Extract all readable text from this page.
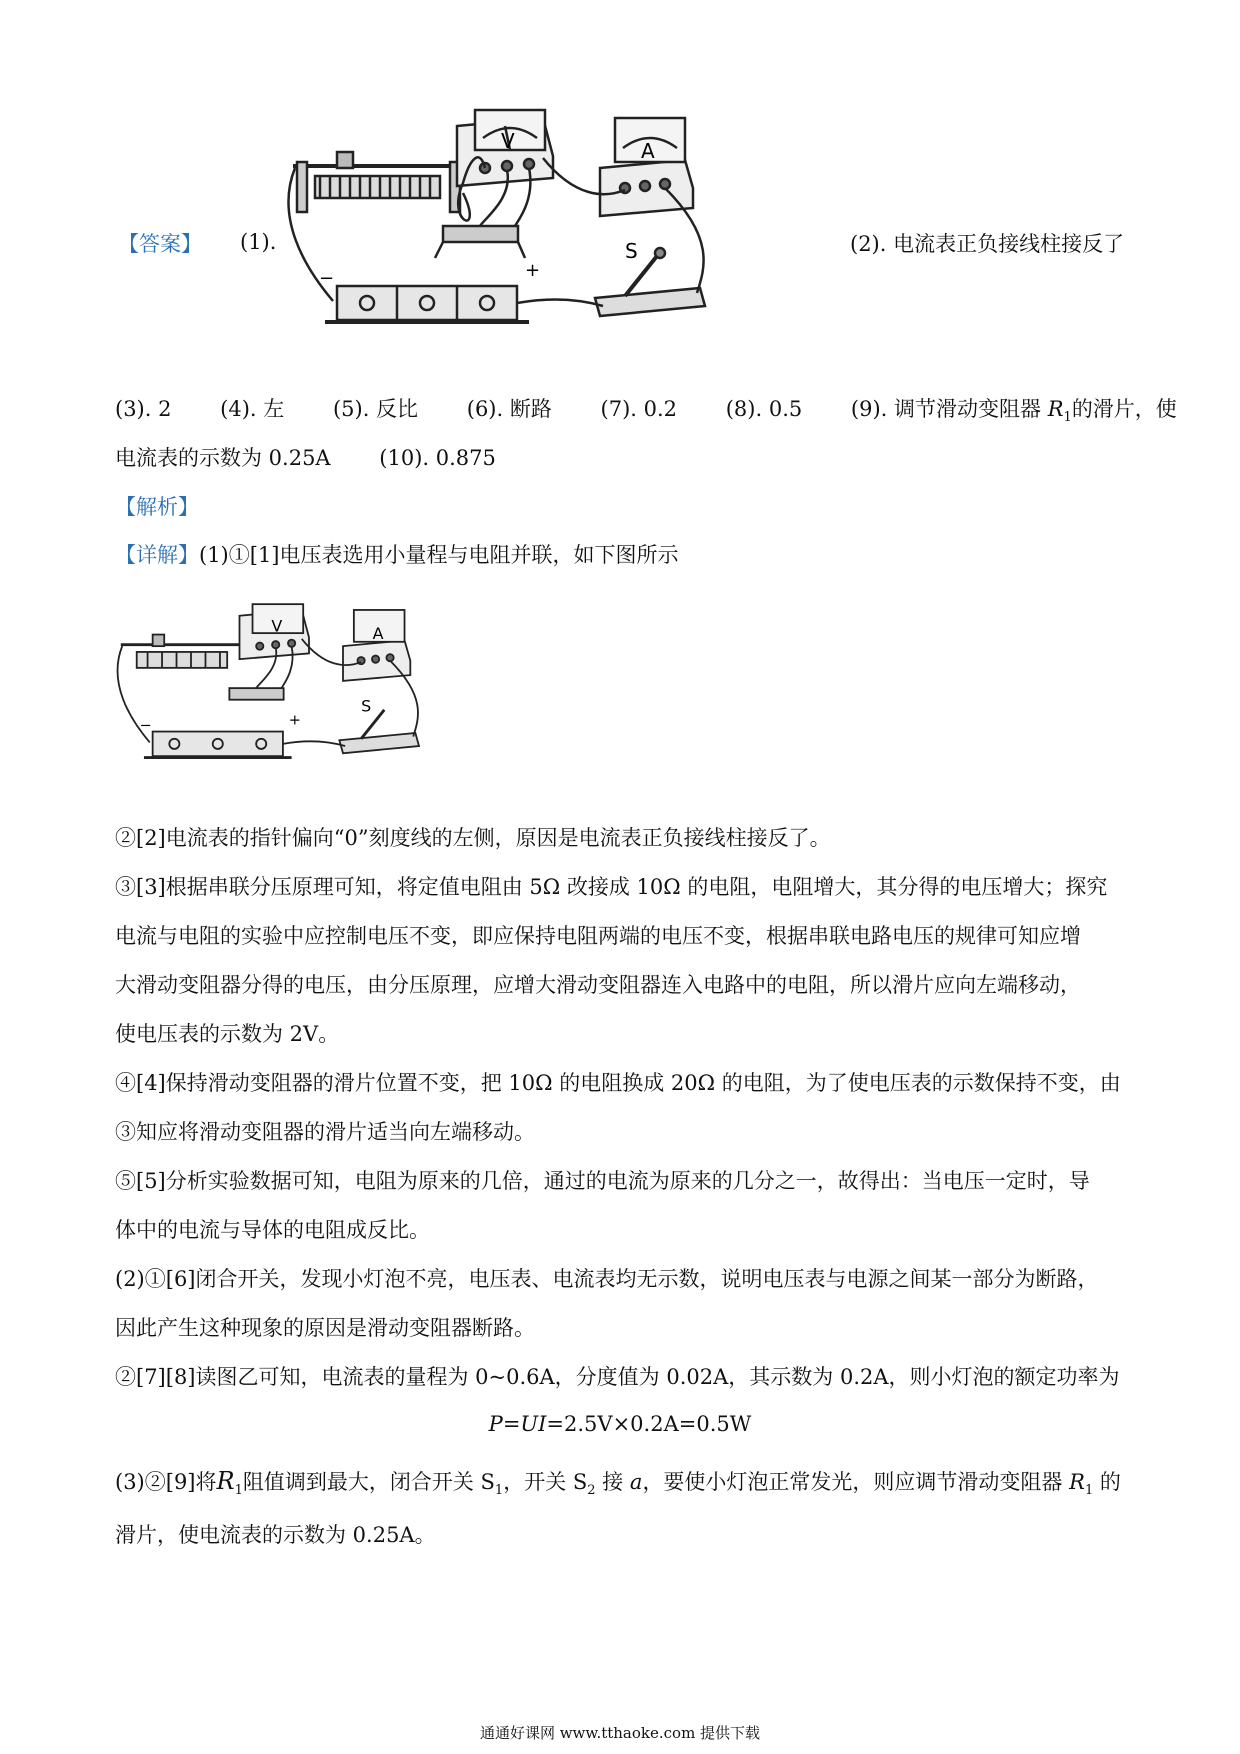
【答案】 (1).
V	A
S
−	+
(2). 电流表正负接线柱接反了
(3). 2 (4). 左 (5). 反比 (6). 断路 (7). 0.2 (8). 0.5 (9). 调节滑动变阻器 $R_1$的滑片，使
电流表的示数为 0.25A (10). 0.875
【解析】
【详解】(1)①[1]电压表选用小量程与电阻并联，如下图所示
V	A
S
−	+
②[2]电流表的指针偏向“0”刻度线的左侧，原因是电流表正负接线柱接反了。
③[3]根据串联分压原理可知，将定值电阻由 5Ω 改接成 10Ω 的电阻，电阻增大，其分得的电压增大；探究
电流与电阻的实验中应控制电压不变，即应保持电阻两端的电压不变，根据串联电路电压的规律可知应增
大滑动变阻器分得的电压，由分压原理，应增大滑动变阻器连入电路中的电阻，所以滑片应向左端移动，
使电压表的示数为 2V。
④[4]保持滑动变阻器的滑片位置不变，把 10Ω 的电阻换成 20Ω 的电阻，为了使电压表的示数保持不变，由
③知应将滑动变阻器的滑片适当向左端移动。
⑤[5]分析实验数据可知，电阻为原来的几倍，通过的电流为原来的几分之一，故得出：当电压一定时，导
体中的电流与导体的电阻成反比。
(2)①[6]闭合开关，发现小灯泡不亮，电压表、电流表均无示数，说明电压表与电源之间某一部分为断路，
因此产生这种现象的原因是滑动变阻器断路。
②[7][8]读图乙可知，电流表的量程为 0~0.6A，分度值为 0.02A，其示数为 0.2A，则小灯泡的额定功率为
P=UI=2.5V×0.2A=0.5W
(3)②[9]将$R_1$阻值调到最大，闭合开关 $S_1$，开关 $S_2$ 接 a，要使小灯泡正常发光，则应调节滑动变阻器 $R_1$ 的
滑片，使电流表的示数为 0.25A。
通通好课网 www.tthaoke.com 提供下载
